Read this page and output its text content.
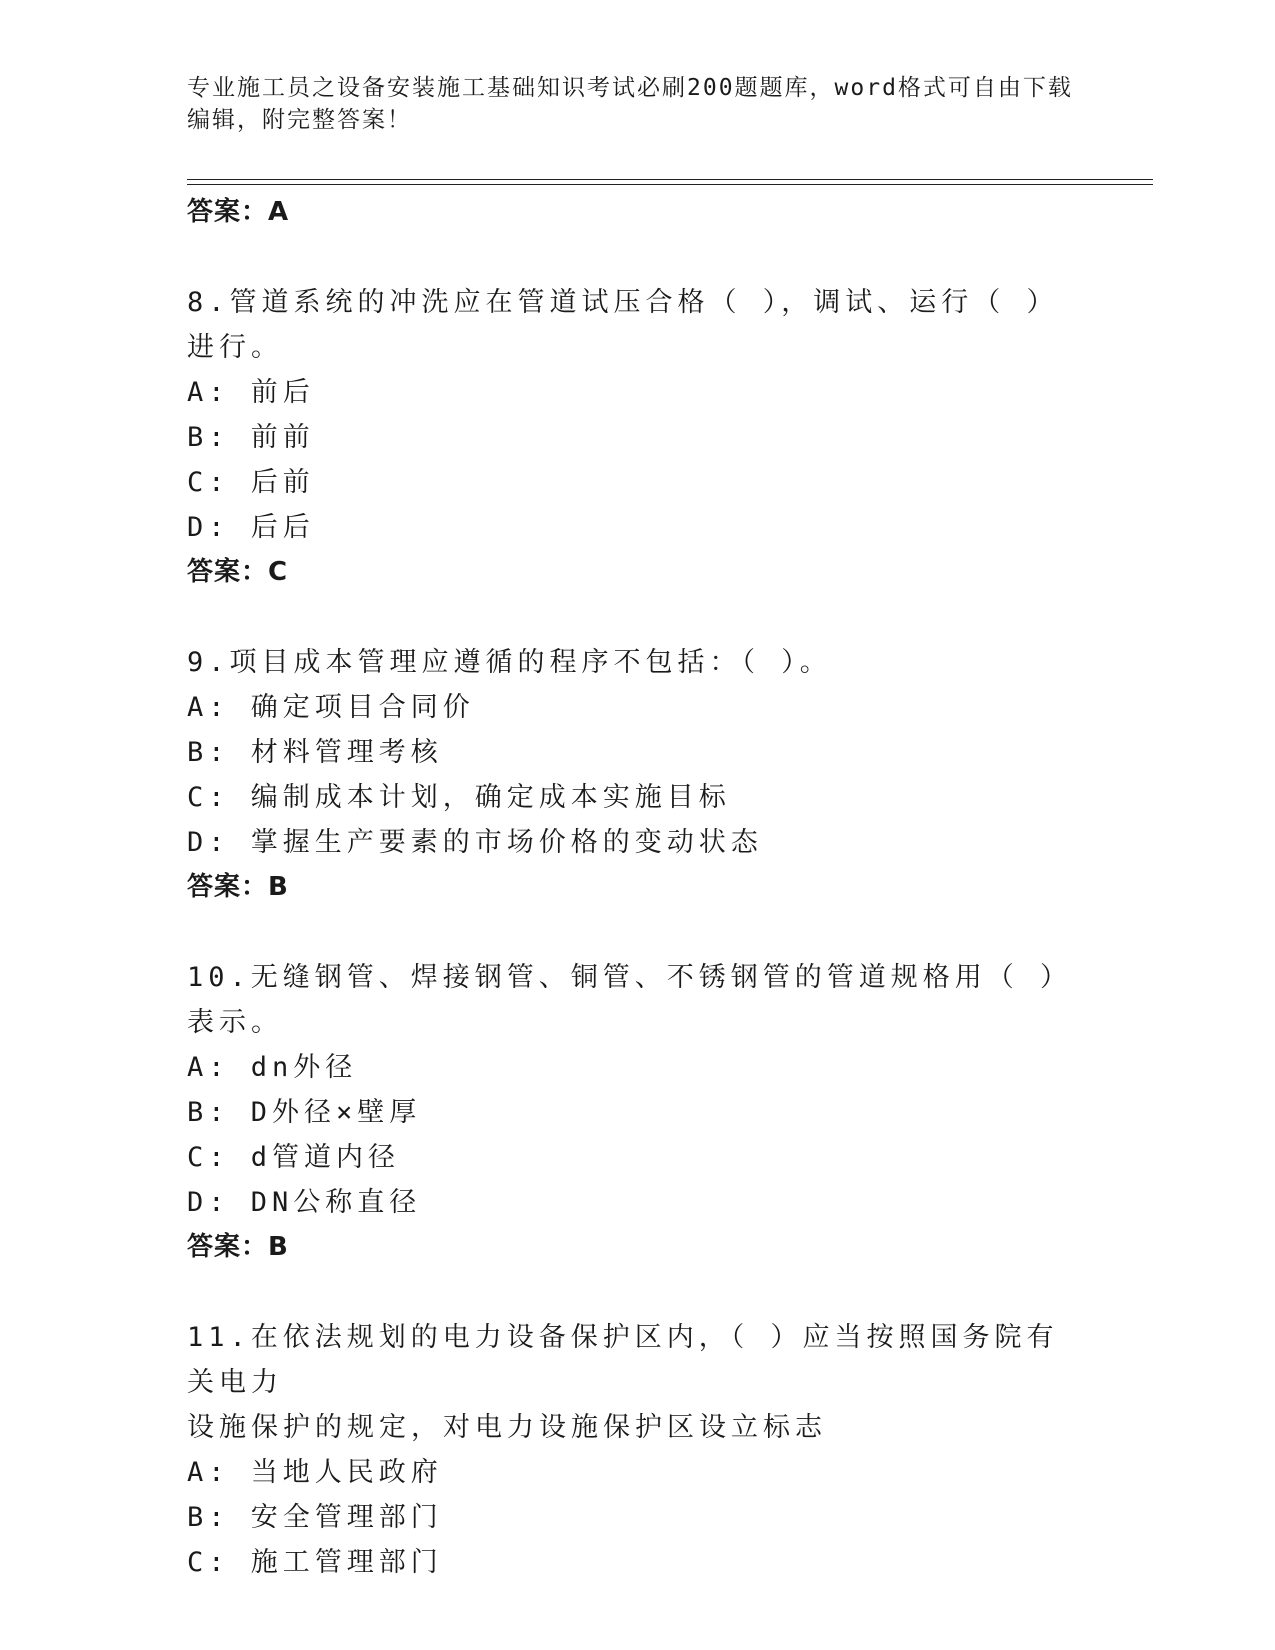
专业施工员之设备安装施工基础知识考试必刷200题题库，word格式可自由下载
编辑，附完整答案！
答案：A
8.管道系统的冲洗应在管道试压合格（ ），调试、运行（ ）进行。
A: 前后
B: 前前
C: 后前
D: 后后
答案：C
9.项目成本管理应遵循的程序不包括：（ ）。
A: 确定项目合同价
B: 材料管理考核
C: 编制成本计划，确定成本实施目标
D: 掌握生产要素的市场价格的变动状态
答案：B
10.无缝钢管、焊接钢管、铜管、不锈钢管的管道规格用（ ）表示。
A: dn外径
B: D外径×壁厚
C: d管道内径
D: DN公称直径
答案：B
11.在依法规划的电力设备保护区内，（ ）应当按照国务院有关电力
设施保护的规定，对电力设施保护区设立标志
A: 当地人民政府
B: 安全管理部门
C: 施工管理部门
